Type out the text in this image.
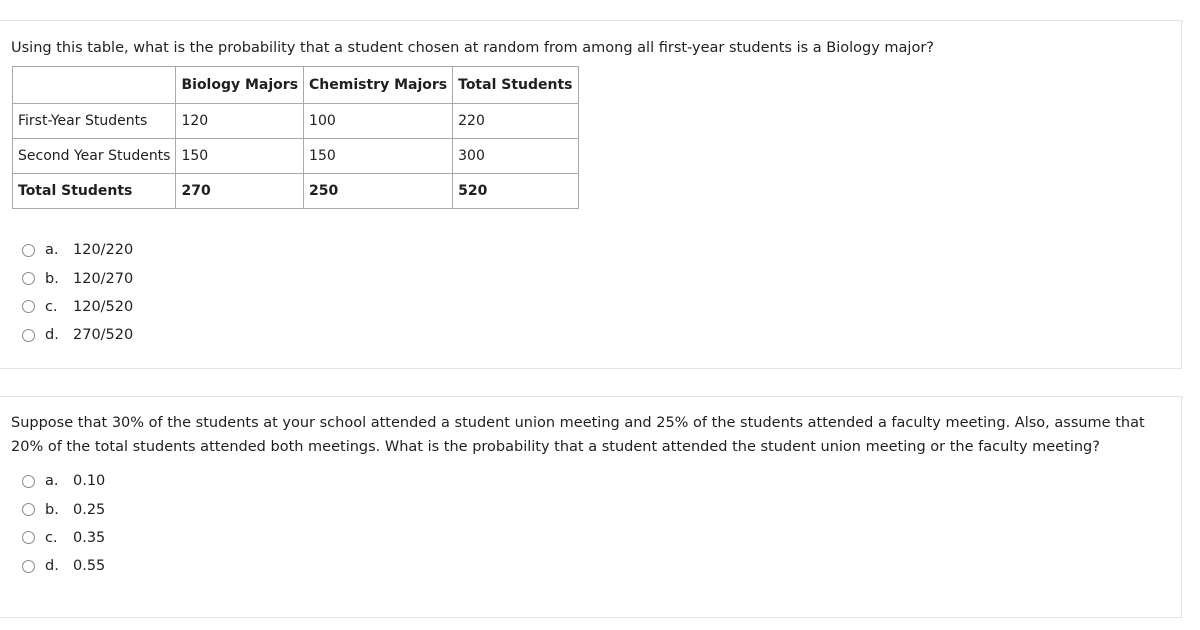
Using this table, what is the probability that a student chosen at random from among all first-year students is a Biology major?

	Biology Majors	Chemistry Majors	Total Students
First-Year Students	120	100	220
Second Year Students	150	150	300
Total Students	270	250	520
a.	120/220
b. 120/270
c.	120/520
d. 270/520

Suppose that 30% of the students at your school attended a student union meeting and 25% of the students attended a faculty meeting. Also, assume that 20% of the total students attended both meetings. What is the probability that a student attended the student union meeting or the faculty meeting?

a.	0.10
b. 0.25
c.	0.35
d. 0.55
